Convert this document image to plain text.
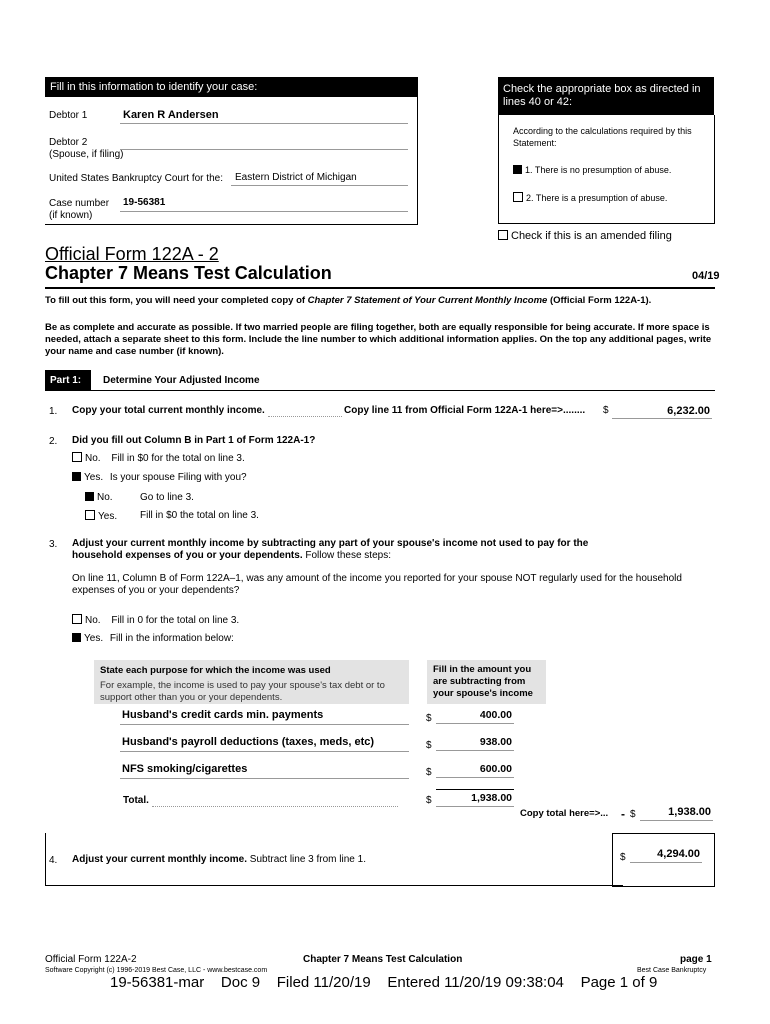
Fill in this information to identify your case:
Debtor 1	Karen R Andersen
Debtor 2
(Spouse, if filing)
United States Bankruptcy Court for the: Eastern District of Michigan
Case number
(if known)
19-56381
Check the appropriate box as directed in lines 40 or 42:
According to the calculations required by this Statement:
1. There is no presumption of abuse.
2. There is a presumption of abuse.
Check if this is an amended filing
Official Form 122A - 2
Chapter 7 Means Test Calculation	04/19
To fill out this form, you will need your completed copy of Chapter 7 Statement of Your Current Monthly Income (Official Form 122A-1).
Be as complete and accurate as possible. If two married people are filing together, both are equally responsible for being accurate. If more space is needed, attach a separate sheet to this form. Include the line number to which additional information applies. On the top any additional pages, write your name and case number (if known).
Part 1: Determine Your Adjusted Income
1. Copy your total current monthly income.	Copy line 11 from Official Form 122A-1 here=>........ $	6,232.00
2. Did you fill out Column B in Part 1 of Form 122A-1?
No. Fill in $0 for the total on line 3.
Yes. Is your spouse Filing with you?
No.	Go to line 3.
Yes. Fill in $0 the total on line 3.
3. Adjust your current monthly income by subtracting any part of your spouse's income not used to pay for the household expenses of you or your dependents. Follow these steps:
On line 11, Column B of Form 122A–1, was any amount of the income you reported for your spouse NOT regularly used for the household expenses of you or your dependents?
No. Fill in 0 for the total on line 3.
Yes. Fill in the information below:
State each purpose for which the income was used
For example, the income is used to pay your spouse's tax debt or to support other than you or your dependents.
Fill in the amount you are subtracting from your spouse's income
Husband's credit cards min. payments	$	400.00
Husband's payroll deductions (taxes, meds, etc)	$	938.00
NFS smoking/cigarettes	$	600.00
Total.	$	1,938.00
Copy total here=>... - $	1,938.00
4. Adjust your current monthly income. Subtract line 3 from line 1.	$	4,294.00
Official Form 122A-2	Chapter 7 Means Test Calculation	page 1
Software Copyright (c) 1996-2019 Best Case, LLC - www.bestcase.com	Best Case Bankruptcy
19-56381-mar    Doc 9    Filed 11/20/19    Entered 11/20/19 09:38:04    Page 1 of 9
